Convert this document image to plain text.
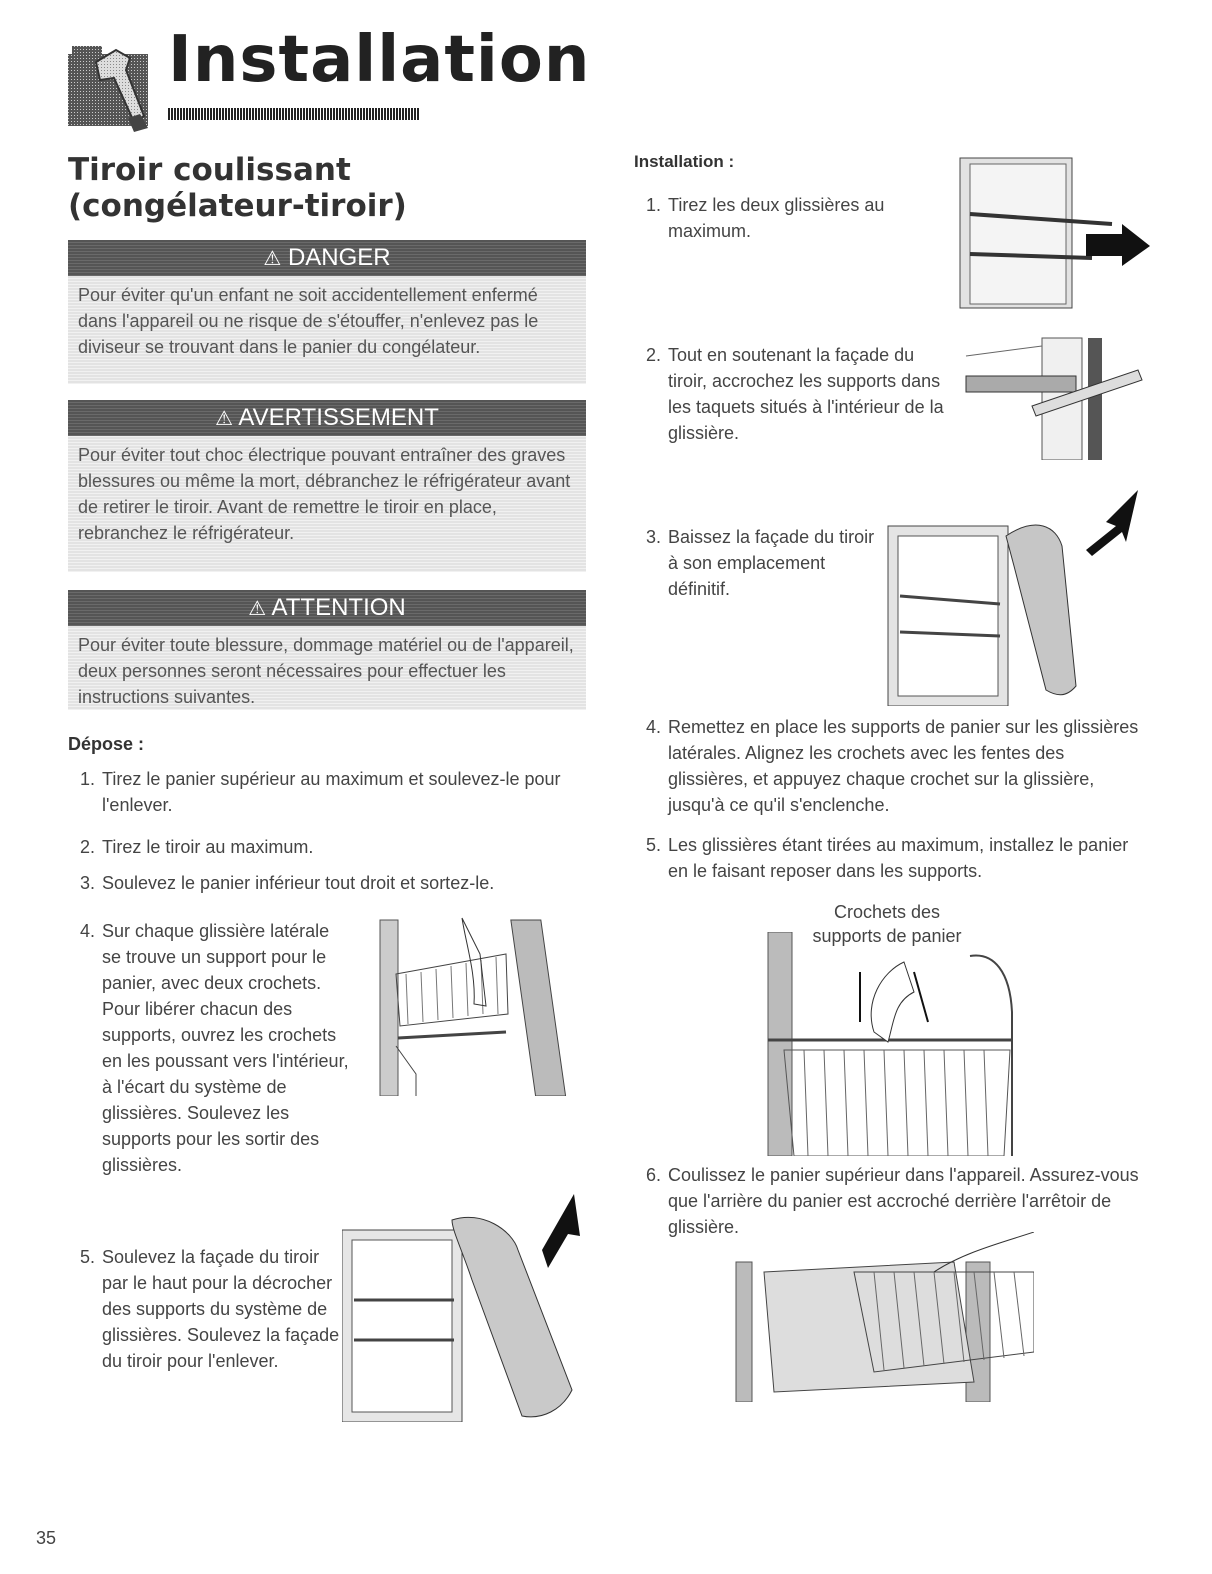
Installation
Tiroir coulissant (congélateur-tiroir)
⚠ DANGER
Pour éviter qu'un enfant ne soit accidentellement enfermé dans l'appareil ou ne risque de s'étouffer, n'enlevez pas le diviseur se trouvant dans le panier du congélateur.
⚠ AVERTISSEMENT
Pour éviter tout choc électrique pouvant entraîner des graves blessures ou même la mort, débranchez le réfrigérateur avant de retirer le tiroir. Avant de remettre le tiroir en place, rebranchez le réfrigérateur.
⚠ ATTENTION
Pour éviter toute blessure, dommage matériel ou de l'appareil, deux personnes seront nécessaires pour effectuer les instructions suivantes.
Dépose :
1. Tirez le panier supérieur au maximum et soulevez-le pour l'enlever.
2. Tirez le tiroir au maximum.
3. Soulevez le panier inférieur tout droit et sortez-le.
4. Sur chaque glissière latérale se trouve un support pour le panier, avec deux crochets. Pour libérer chacun des supports, ouvrez les crochets en les poussant vers l'intérieur, à l'écart du système de glissières. Soulevez les supports pour les sortir des glissières.
5. Soulevez la façade du tiroir par le haut pour la décrocher des supports du système de glissières. Soulevez la façade du tiroir pour l'enlever.
Installation :
1. Tirez les deux glissières au maximum.
2. Tout en soutenant la façade du tiroir, accrochez les supports dans les taquets situés à l'intérieur de la glissière.
3. Baissez la façade du tiroir à son emplacement définitif.
4. Remettez en place les supports de panier sur les glissières latérales. Alignez les crochets avec les fentes des glissières, et appuyez chaque crochet sur la glissière, jusqu'à ce qu'il s'enclenche.
5. Les glissières étant tirées au maximum, installez le panier en le faisant reposer dans les supports.
6. Coulissez le panier supérieur dans l'appareil. Assurez-vous que l'arrière du panier est accroché derrière l'arrêtoir de glissière.
Crochets des supports de panier
35
